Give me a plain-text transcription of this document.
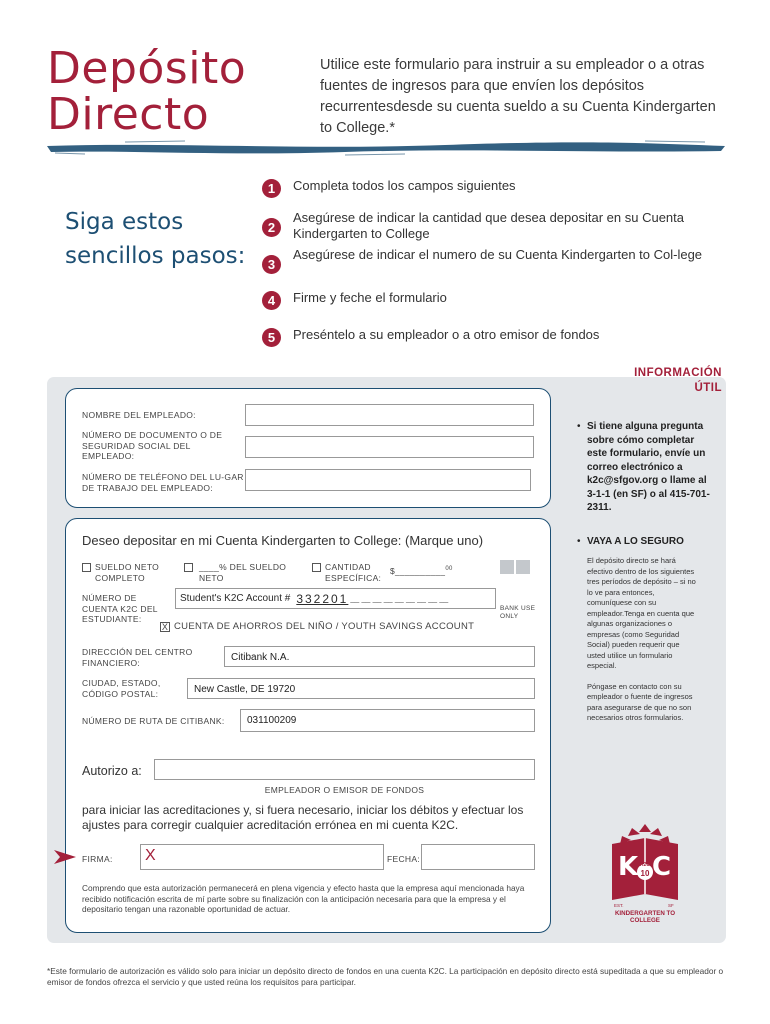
Depósito
Directo
Utilice este formulario para instruir a su empleador o a otras fuentes de ingresos para que envíen los depósitos recurrentesdesde su cuenta sueldo a su Cuenta Kindergarten to College.*
Siga estos
sencillos pasos:
1	Completa todos los campos siguientes
2
Asegúrese de indicar la cantidad que desea depositar en su Cuenta Kindergarten to College
3
Asegúrese de indicar el numero de su Cuenta Kindergarten to Col-lege
4	Firme y feche el formulario
5	Preséntelo a su empleador o a otro emisor de fondos
INFORMACIÓN
ÚTIL
• Si tiene alguna pregunta sobre cómo completar este formulario, envíe un correo electrónico a k2c@sfgov.org o llame al 3-1-1 (en SF) o al 415-701-2311.
• VAYA A LO SEGURO
El depósito directo se hará efectivo dentro de los siguientes tres períodos de depósito – si no lo ve para entonces, comuníquese con su empleador.Tenga en cuenta que algunas organizaciones o empresas (como Seguridad Social) pueden requerir que usted utilice un formulario especial.
Póngase en contacto con su empleador o fuente de ingresos para asegurarse de que no son necesarios otros formularios.
NOMBRE DEL EMPLEADO:
NÚMERO DE DOCUMENTO O DE SEGURIDAD SOCIAL DEL EMPLEADO:
NÚMERO DE TELÉFONO DEL LU-GAR DE TRABAJO DEL EMPLEADO:
Deseo depositar en mi Cuenta Kindergarten to College: (Marque uno)
SUELDO NETO COMPLETO
____% DEL SUELDO NETO
CANTIDAD ESPECÍFICA:
$__________$^{00}$
NÚMERO DE CUENTA K2C DEL ESTUDIANTE:
Student's K2C Account # 332201 __ __ __ __ __ __ __ __ __
BANK USE ONLY
X CUENTA DE AHORROS DEL NIÑO / YOUTH SAVINGS ACCOUNT
DIRECCIÓN DEL CENTRO FINANCIERO:	Citibank N.A.
CIUDAD, ESTADO, CÓDIGO POSTAL:	New Castle, DE 19720
NÚMERO DE RUTA DE CITIBANK:	031100209
Autorizo a:
EMPLEADOR O EMISOR DE FONDOS
para iniciar las acreditaciones y, si fuera necesario, iniciar los débitos y efectuar los ajustes para corregir cualquier acreditación errónea en mi cuenta K2C.
FIRMA: X	FECHA:
Comprendo que esta autorización permanecerá en plena vigencia y efecto hasta que la empresa aquí mencionada haya recibido notificación escrita de mí parte sobre su finalización con la anticipación necesaria para que la empresa y el depositario tengan una razonable oportunidad de actuar.
K C
K2C
10
EST.	SF
KINDERGARTEN TO COLLEGE
*Este formulario de autorización es válido solo para iniciar un depósito directo de fondos en una cuenta K2C. La participación en depósito directo está supeditada a que su empleador o emisor de fondos ofrezca el servicio y que usted reúna los requisitos para participar.
